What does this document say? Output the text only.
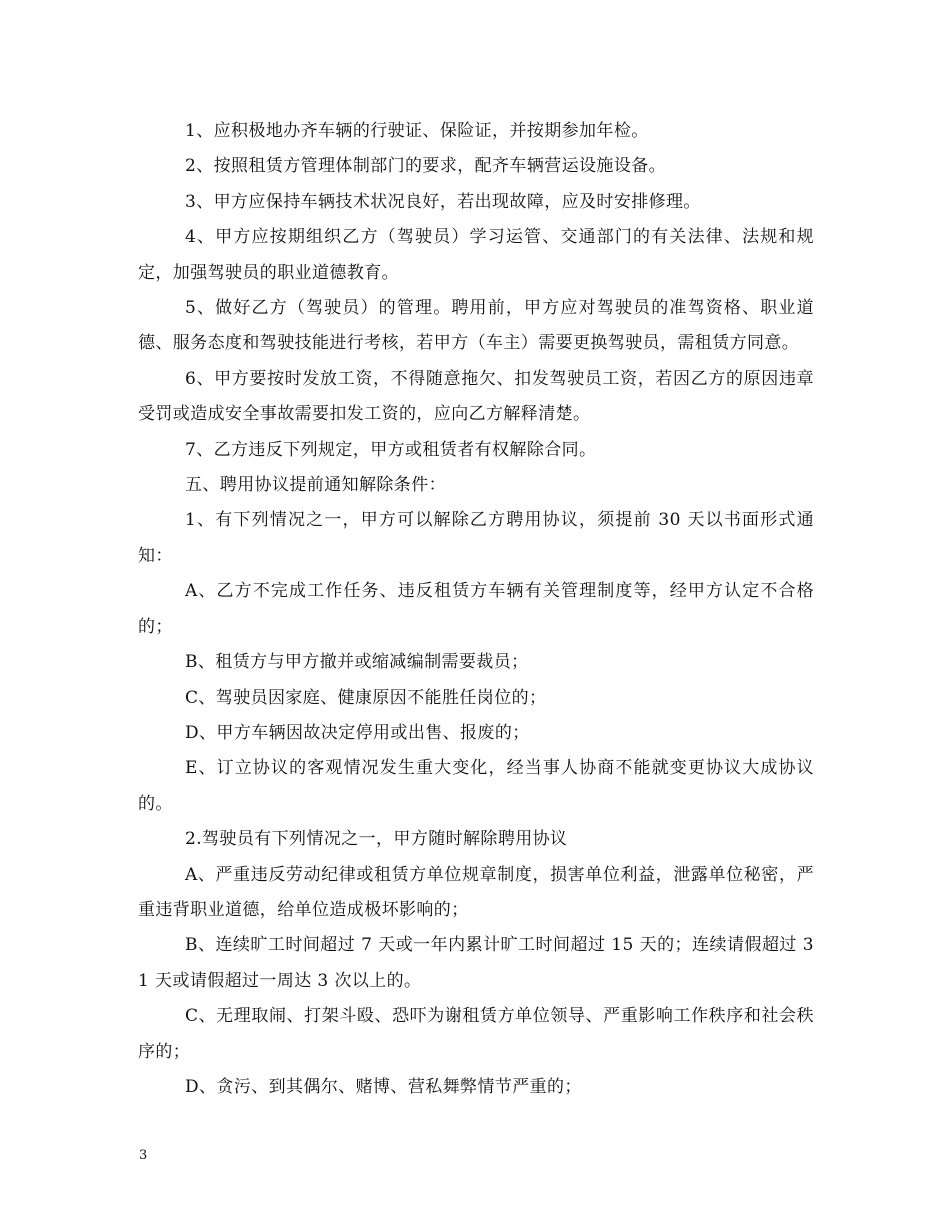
1、应积极地办齐车辆的行驶证、保险证，并按期参加年检。

2、按照租赁方管理体制部门的要求，配齐车辆营运设施设备。

3、甲方应保持车辆技术状况良好，若出现故障，应及时安排修理。

4、甲方应按期组织乙方（驾驶员）学习运管、交通部门的有关法律、法规和规定，加强驾驶员的职业道德教育。

5、做好乙方（驾驶员）的管理。聘用前，甲方应对驾驶员的准驾资格、职业道德、服务态度和驾驶技能进行考核，若甲方（车主）需要更换驾驶员，需租赁方同意。

6、甲方要按时发放工资，不得随意拖欠、扣发驾驶员工资，若因乙方的原因违章受罚或造成安全事故需要扣发工资的，应向乙方解释清楚。

7、乙方违反下列规定，甲方或租赁者有权解除合同。

五、聘用协议提前通知解除条件：

1、有下列情况之一，甲方可以解除乙方聘用协议，须提前 30 天以书面形式通知：

A、乙方不完成工作任务、违反租赁方车辆有关管理制度等，经甲方认定不合格的；

B、租赁方与甲方撤并或缩减编制需要裁员；

C、驾驶员因家庭、健康原因不能胜任岗位的；

D、甲方车辆因故决定停用或出售、报废的；

E、订立协议的客观情况发生重大变化，经当事人协商不能就变更协议大成协议的。

2.驾驶员有下列情况之一，甲方随时解除聘用协议

A、严重违反劳动纪律或租赁方单位规章制度，损害单位利益，泄露单位秘密，严重违背职业道德，给单位造成极坏影响的；

B、连续旷工时间超过 7 天或一年内累计旷工时间超过 15 天的；连续请假超过 31 天或请假超过一周达 3 次以上的。

C、无理取闹、打架斗殴、恐吓为谢租赁方单位领导、严重影响工作秩序和社会秩序的；

D、贪污、到其偶尔、赌博、营私舞弊情节严重的；

3
